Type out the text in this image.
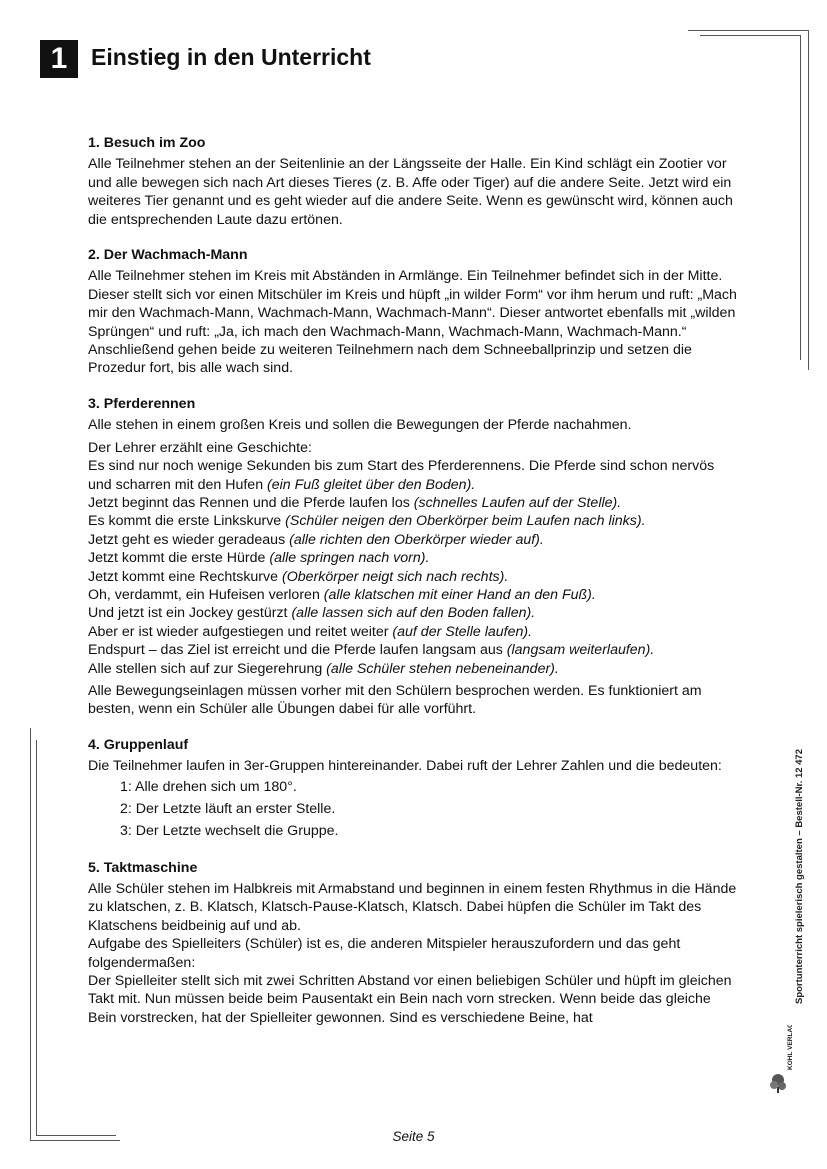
1	Einstieg in den Unterricht
1. Besuch im Zoo

Alle Teilnehmer stehen an der Seitenlinie an der Längsseite der Halle. Ein Kind schlägt ein Zootier vor und alle bewegen sich nach Art dieses Tieres (z. B. Affe oder Tiger) auf die andere Seite. Jetzt wird ein weiteres Tier genannt und es geht wieder auf die andere Seite. Wenn es gewünscht wird, können auch die entsprechenden Laute dazu ertönen.

2. Der Wachmach-Mann

Alle Teilnehmer stehen im Kreis mit Abständen in Armlänge. Ein Teilnehmer befindet sich in der Mitte. Dieser stellt sich vor einen Mitschüler im Kreis und hüpft „in wilder Form“ vor ihm herum und ruft: „Mach mir den Wachmach-Mann, Wachmach-Mann, Wachmach-Mann“. Dieser antwortet ebenfalls mit „wilden Sprüngen“ und ruft: „Ja, ich mach den Wachmach-Mann, Wachmach-Mann, Wachmach-Mann.“ Anschließend gehen beide zu weiteren Teilnehmern nach dem Schneeballprinzip und setzen die Prozedur fort, bis alle wach sind.

3. Pferderennen

Alle stehen in einem großen Kreis und sollen die Bewegungen der Pferde nachahmen.

Der Lehrer erzählt eine Geschichte:

Es sind nur noch wenige Sekunden bis zum Start des Pferderennens. Die Pferde sind schon nervös und scharren mit den Hufen (ein Fuß gleitet über den Boden).
Jetzt beginnt das Rennen und die Pferde laufen los (schnelles Laufen auf der Stelle).
Es kommt die erste Linkskurve (Schüler neigen den Oberkörper beim Laufen nach links).
Jetzt geht es wieder geradeaus (alle richten den Oberkörper wieder auf).
Jetzt kommt die erste Hürde (alle springen nach vorn).
Jetzt kommt eine Rechtskurve (Oberkörper neigt sich nach rechts).
Oh, verdammt, ein Hufeisen verloren (alle klatschen mit einer Hand an den Fuß).
Und jetzt ist ein Jockey gestürzt (alle lassen sich auf den Boden fallen).
Aber er ist wieder aufgestiegen und reitet weiter (auf der Stelle laufen).
Endspurt – das Ziel ist erreicht und die Pferde laufen langsam aus (langsam weiterlaufen).
Alle stellen sich auf zur Siegerehrung (alle Schüler stehen nebeneinander).

Alle Bewegungseinlagen müssen vorher mit den Schülern besprochen werden. Es funktioniert am besten, wenn ein Schüler alle Übungen dabei für alle vorführt.

4. Gruppenlauf

Die Teilnehmer laufen in 3er-Gruppen hintereinander. Dabei ruft der Lehrer Zahlen und die bedeuten:

1: Alle drehen sich um 180°.
2: Der Letzte läuft an erster Stelle.
3: Der Letzte wechselt die Gruppe.
5. Taktmaschine

Alle Schüler stehen im Halbkreis mit Armabstand und beginnen in einem festen Rhythmus in die Hände zu klatschen, z. B. Klatsch, Klatsch-Pause-Klatsch, Klatsch. Dabei hüpfen die Schüler im Takt des Klatschens beidbeinig auf und ab.

Aufgabe des Spielleiters (Schüler) ist es, die anderen Mitspieler herauszufordern und das geht folgendermaßen:

Der Spielleiter stellt sich mit zwei Schritten Abstand vor einen beliebigen Schüler und hüpft im gleichen Takt mit. Nun müssen beide beim Pausentakt ein Bein nach vorn strecken. Wenn beide das gleiche Bein vorstrecken, hat der Spielleiter gewonnen. Sind es verschiedene Beine, hat

Sportunterricht spielerisch gestalten – Bestell-Nr. 12 472
KOHL VERLAG
Seite 5
